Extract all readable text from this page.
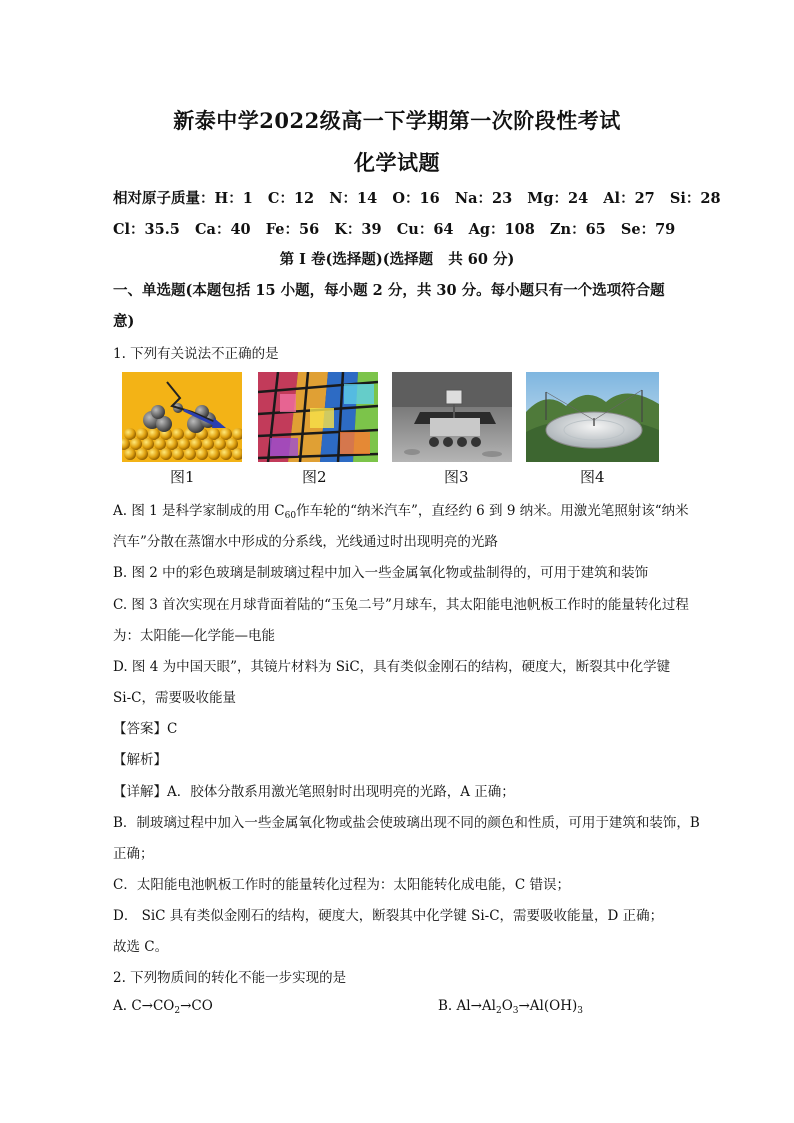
新泰中学2022级高一下学期第一次阶段性考试
化学试题
相对原子质量：H：1   C：12   N：14   O：16   Na：23   Mg：24   Al：27   Si：28
Cl：35.5   Ca：40   Fe：56   K：39   Cu：64   Ag：108   Zn：65   Se：79
第 I 卷(选择题)(选择题   共 60 分)
一、单选题(本题包括 15 小题，每小题 2 分，共 30 分。每小题只有一个选项符合题
意)
1. 下列有关说法不正确的是
图1	图2	图3	图4
A. 图 1 是科学家制成的用 $C_{60}$作车轮的“纳米汽车”，直经约 6 到 9 纳米。用激光笔照射该“纳米
汽车”分散在蒸馏水中形成的分系线，光线通过时出现明亮的光路
B. 图 2 中的彩色玻璃是制玻璃过程中加入一些金属氧化物或盐制得的，可用于建筑和装饰
C. 图 3 首次实现在月球背面着陆的“玉兔二号”月球车，其太阳能电池帆板工作时的能量转化过程
为：太阳能—化学能—电能
D. 图 4 为中国天眼”，其镜片材料为 SiC，具有类似金刚石的结构，硬度大，断裂其中化学键
Si-C，需要吸收能量
【答案】C
【解析】
【详解】A．胶体分散系用激光笔照射时出现明亮的光路，A 正确；
B．制玻璃过程中加入一些金属氧化物或盐会使玻璃出现不同的颜色和性质，可用于建筑和装饰，B
正确；
C．太阳能电池帆板工作时的能量转化过程为：太阳能转化成电能，C 错误；
D． SiC 具有类似金刚石的结构，硬度大，断裂其中化学键 Si-C，需要吸收能量，D 正确；
故选 C。
2. 下列物质间的转化不能一步实现的是
A. $C\to CO_2\to CO$	B. $Al\to Al_2O_3\to Al(OH)_3$
